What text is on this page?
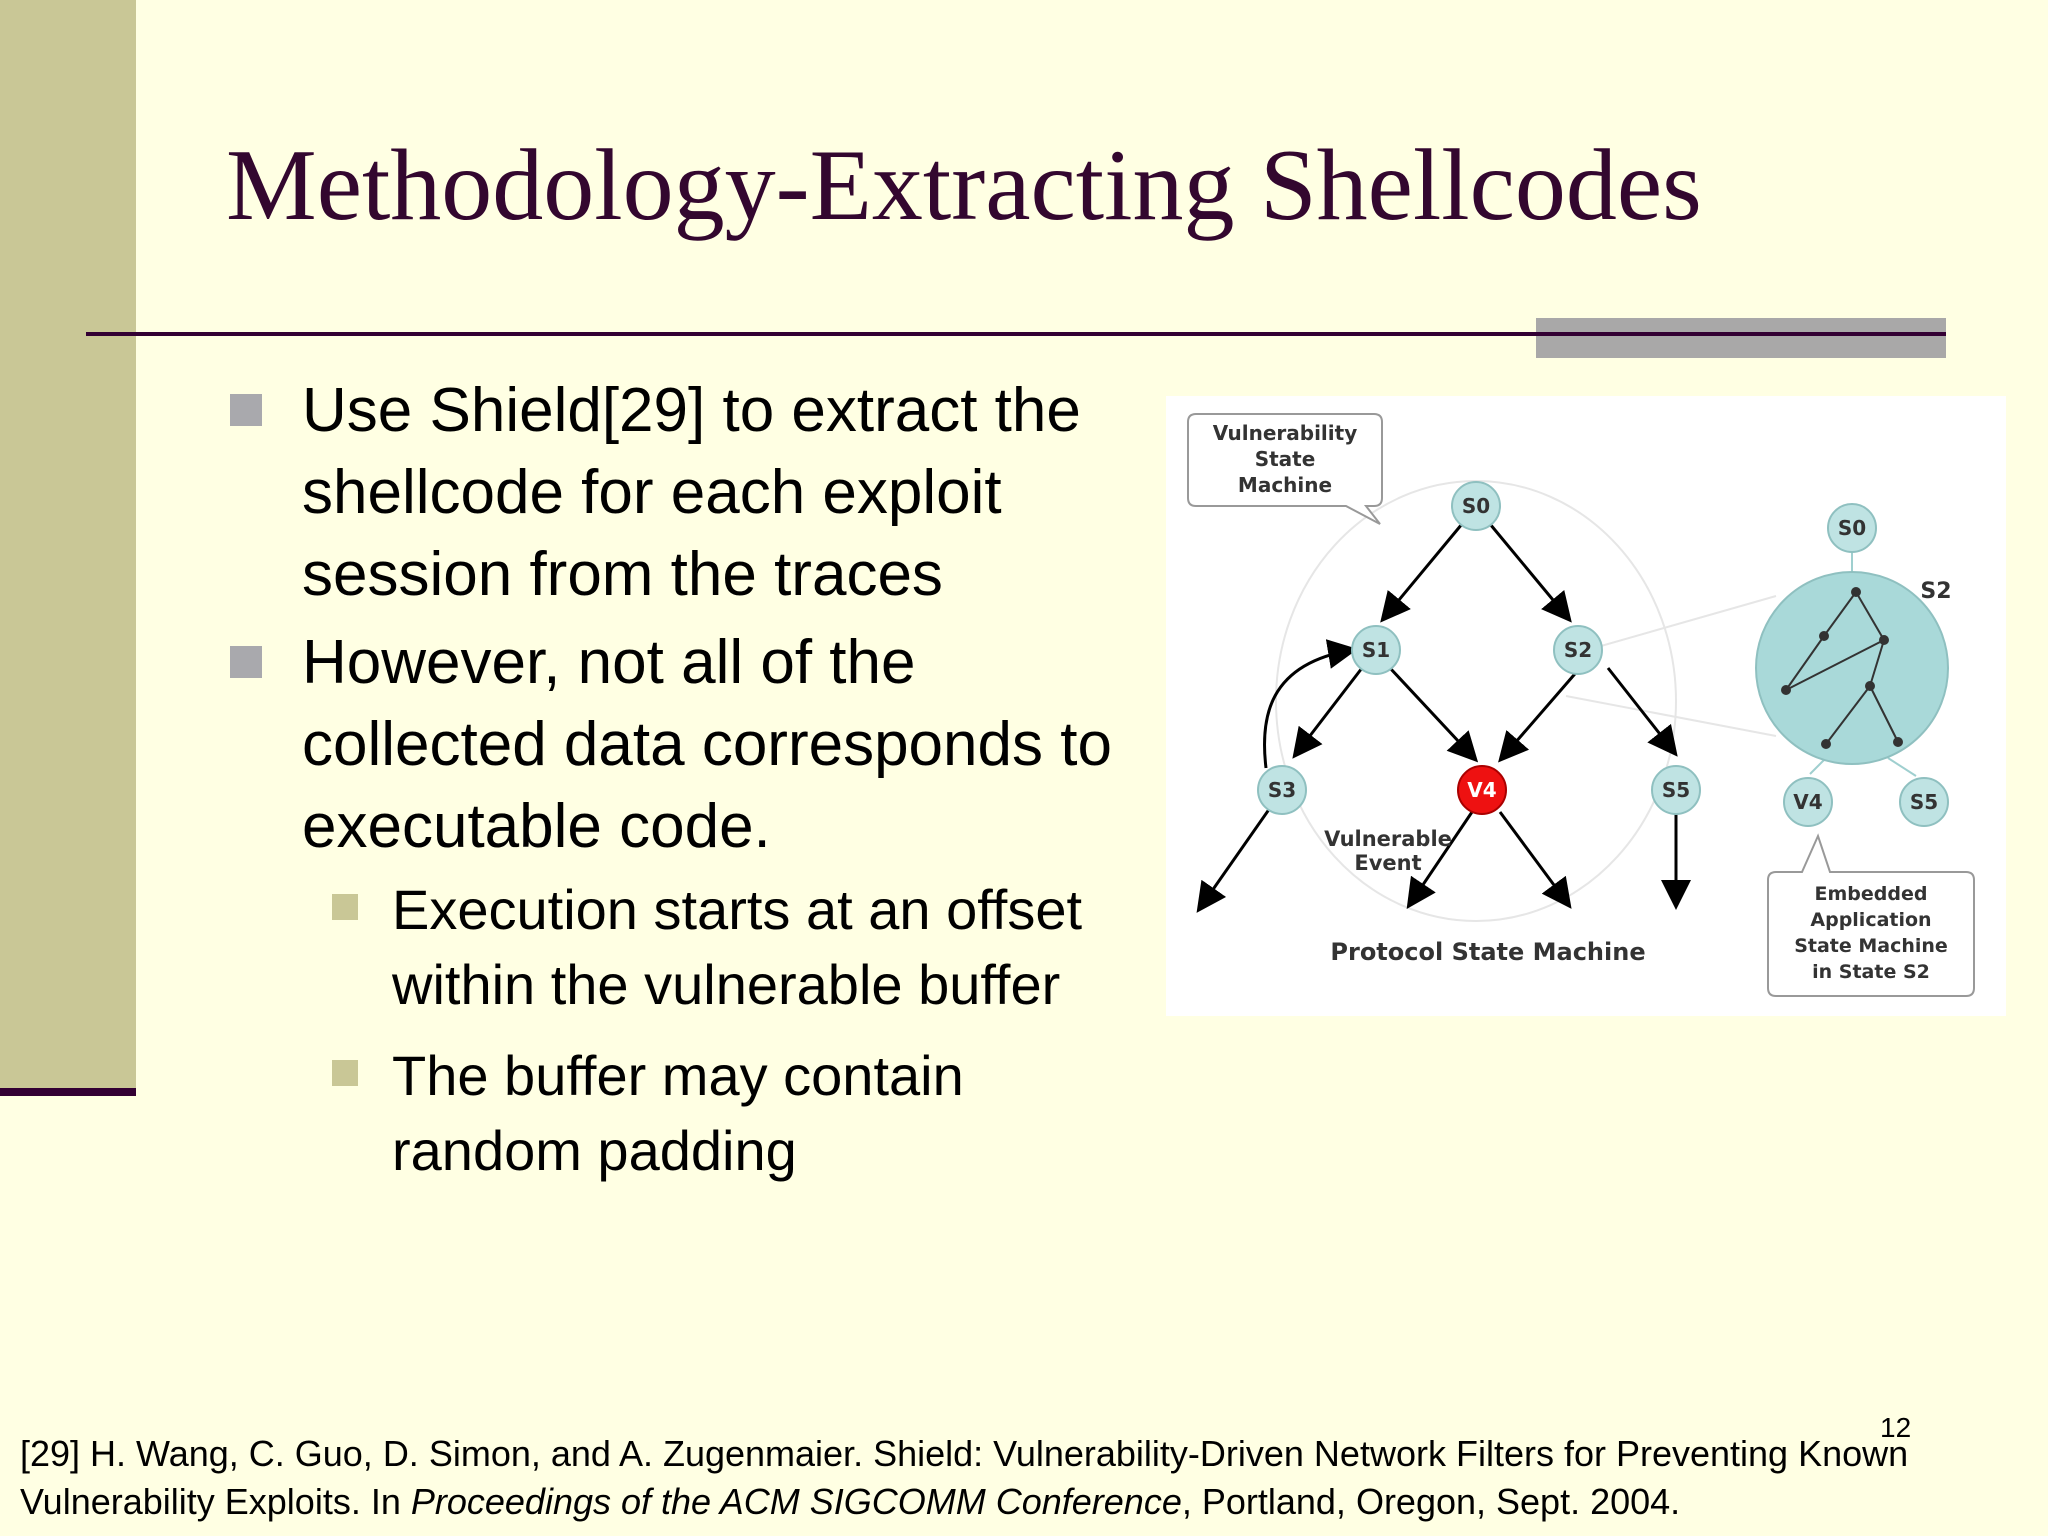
Methodology-Extracting Shellcodes
Use Shield[29] to extract the shellcode for each exploit session from the traces
However, not all of the collected data corresponds to executable code.
Execution starts at an offset within the vulnerable buffer
The buffer may contain random padding
Vulnerability
State
Machine
S0
S1	S2
S3	V4	S5
Vulnerable
Event
Protocol State Machine
S0
S2
V4	S5
Embedded
Application
State Machine
in State S2
12
[29] H. Wang, C. Guo, D. Simon, and A. Zugenmaier. Shield: Vulnerability-Driven Network Filters for Preventing Known Vulnerability Exploits. In Proceedings of the ACM SIGCOMM Conference, Portland, Oregon, Sept. 2004.
